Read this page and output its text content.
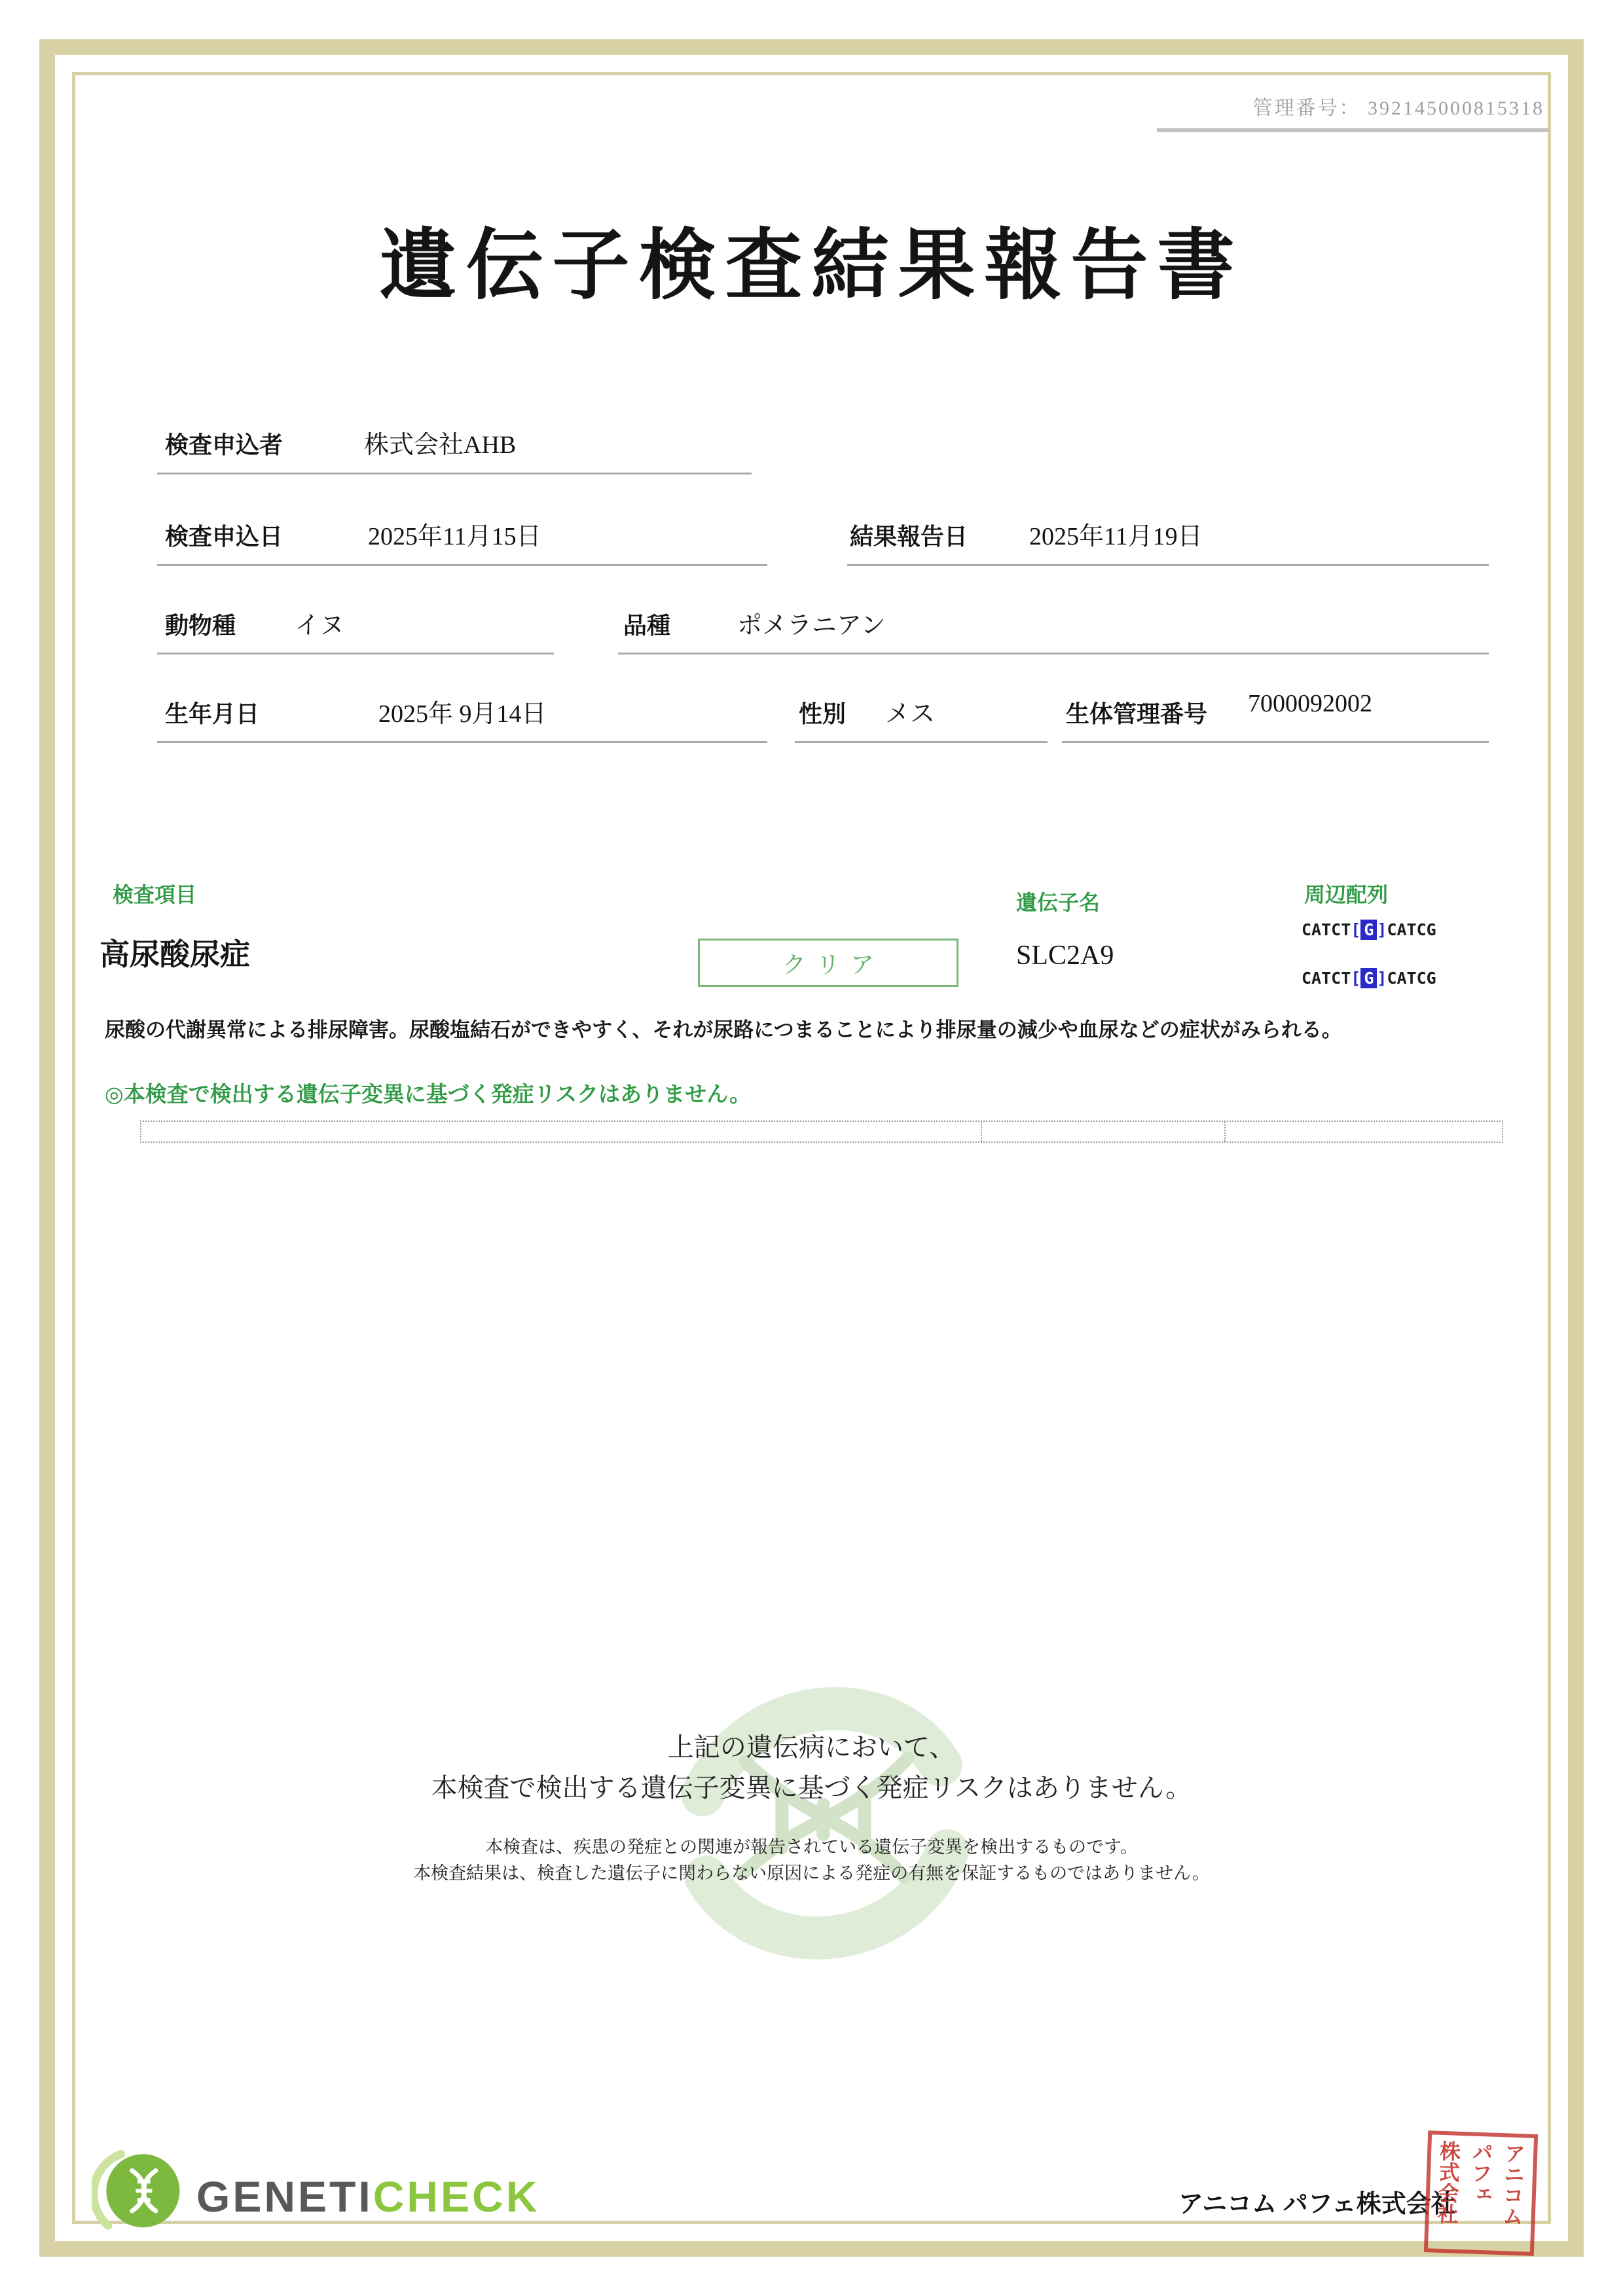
管理番号： 392145000815318
遺伝子検査結果報告書
検査申込者	株式会社AHB
検査申込日	2025年11月15日	結果報告日 2025年11月19日
動物種 イヌ	品種	ポメラニアン
生年月日	2025年 9月14日	性別 メス	生体管理番号 7000092002
検査項目	遺伝子名	周辺配列
高尿酸尿症	クリア	SLC2A9
CATCT[ G ]CATCG
CATCT[ G ]CATCG
尿酸の代謝異常による排尿障害。尿酸塩結石ができやすく、それが尿路につまることにより排尿量の減少や血尿などの症状がみられる。
◎本検査で検出する遺伝子変異に基づく発症リスクはありません。
上記の遺伝病において、
本検査で検出する遺伝子変異に基づく発症リスクはありません。
本検査は、疾患の発症との関連が報告されている遺伝子変異を検出するものです。
本検査結果は、検査した遺伝子に関わらない原因による発症の有無を保証するものではありません。
GENETICHECK	アニコム パフェ株式会社 アニコム
パフェ
株式会社
